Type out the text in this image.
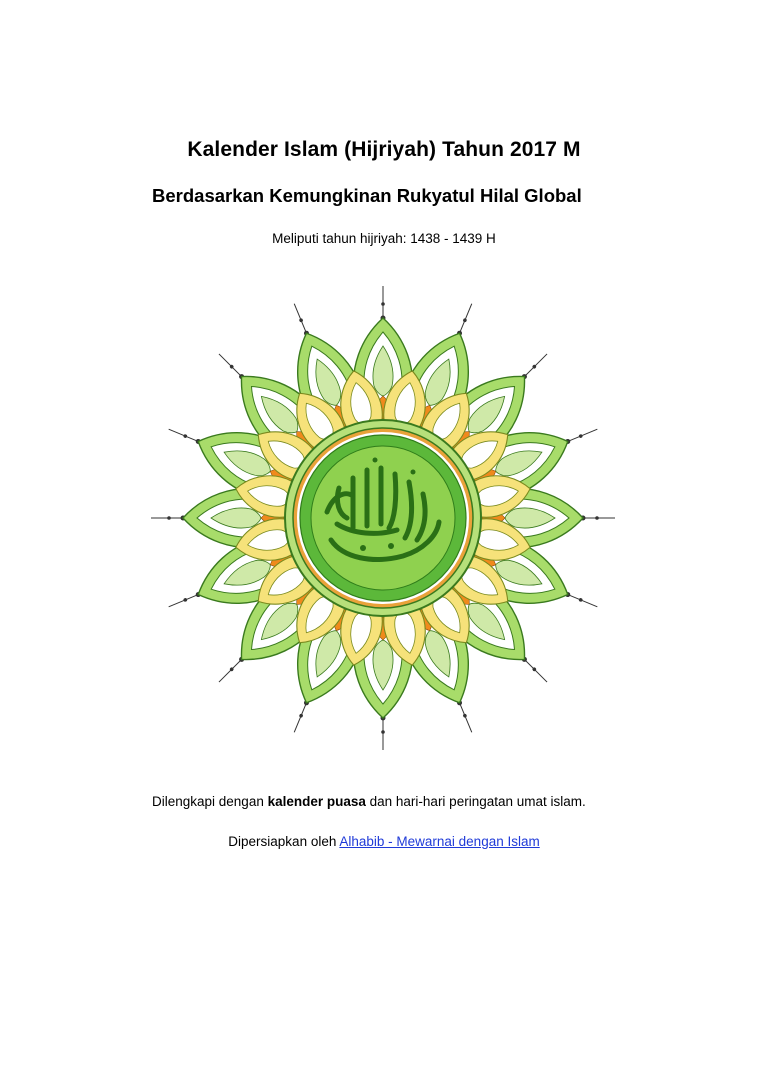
Kalender Islam (Hijriyah) Tahun 2017 M
Berdasarkan Kemungkinan Rukyatul Hilal Global
Meliputi tahun hijriyah: 1438 - 1439 H
Dilengkapi dengan kalender puasa dan hari-hari peringatan umat islam.
Dipersiapkan oleh Alhabib - Mewarnai dengan Islam
